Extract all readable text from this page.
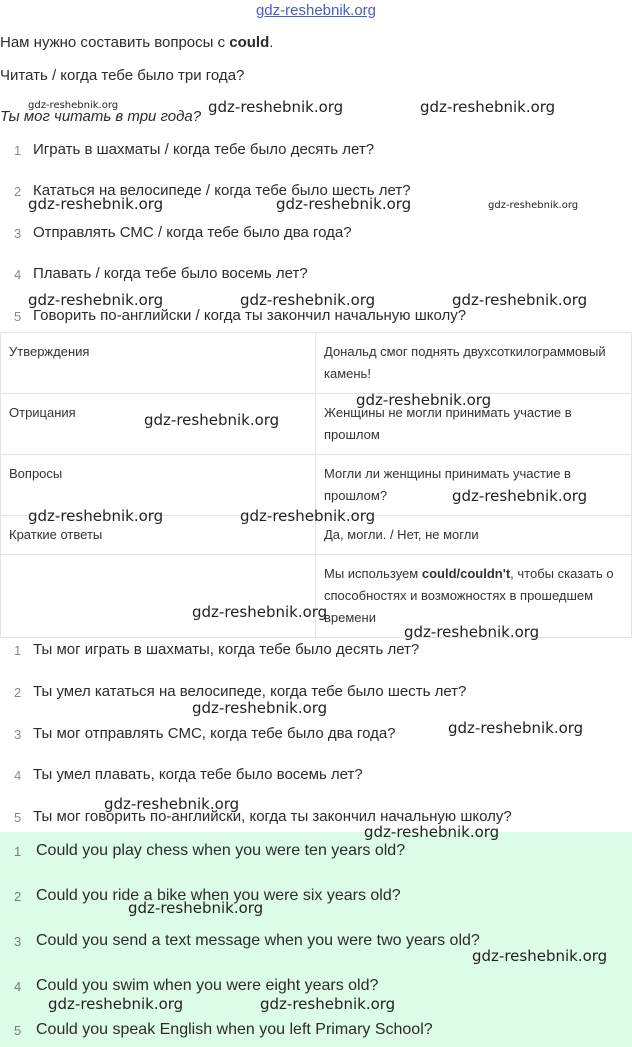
gdz-reshebnik.org
Нам нужно составить вопросы с could.
Читать / когда тебе было три года?
Ты мог читать в три года?
1 Играть в шахматы / когда тебе было десять лет?
2 Кататься на велосипеде / когда тебе было шесть лет?
3 Отправлять СМС / когда тебе было два года?
4 Плавать / когда тебе было восемь лет?
5 Говорить по-английски / когда ты закончил начальную школу?
Утверждения	Дональд смог поднять двухсоткилограммовый камень!
Отрицания	Женщины не могли принимать участие в прошлом
Вопросы	Могли ли женщины принимать участие в прошлом?
Краткие ответы	Да, могли. / Нет, не могли
	Мы используем could/couldn't, чтобы сказать о способностях и возможностях в прошедшем времени
1 Ты мог играть в шахматы, когда тебе было десять лет?
2 Ты умел кататься на велосипеде, когда тебе было шесть лет?
3 Ты мог отправлять СМС, когда тебе было два года?
4 Ты умел плавать, когда тебе было восемь лет?
5 Ты мог говорить по-английски, когда ты закончил начальную школу?
1 Could you play chess when you were ten years old?
2 Could you ride a bike when you were six years old?
3 Could you send a text message when you were two years old?
4 Could you swim when you were eight years old?
5 Could you speak English when you left Primary School?
gdz-reshebnik.org	gdz-reshebnik.org	gdz-reshebnik.org
gdz-reshebnik.org	gdz-reshebnik.org	gdz-reshebnik.org
gdz-reshebnik.org	gdz-reshebnik.org	gdz-reshebnik.org
gdz-reshebnik.org
gdz-reshebnik.org
gdz-reshebnik.org
gdz-reshebnik.org	gdz-reshebnik.org
gdz-reshebnik.org
gdz-reshebnik.org
gdz-reshebnik.org
gdz-reshebnik.org
gdz-reshebnik.org
gdz-reshebnik.org
gdz-reshebnik.org
gdz-reshebnik.org
gdz-reshebnik.org	gdz-reshebnik.org
